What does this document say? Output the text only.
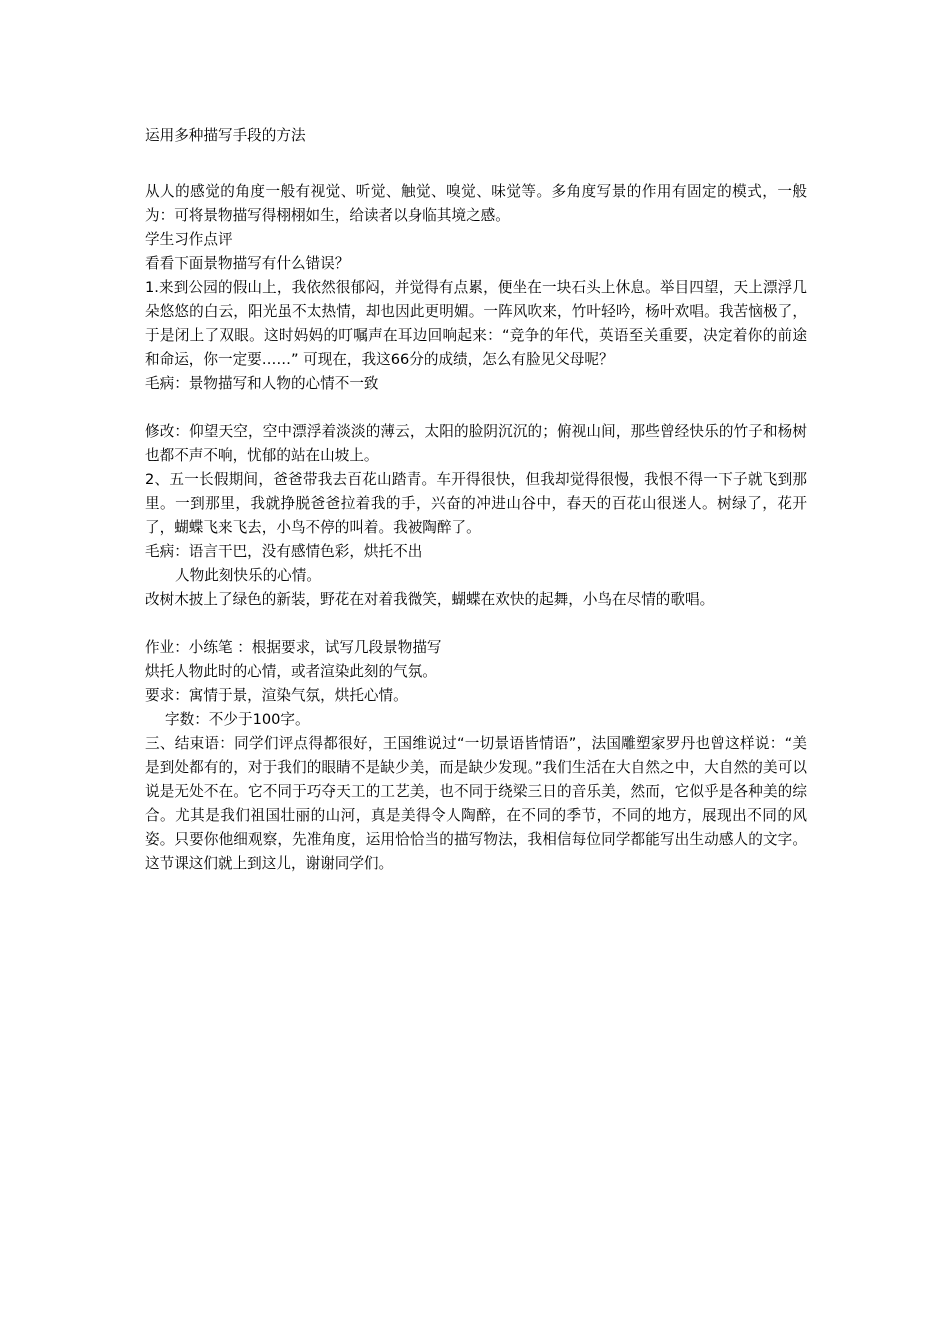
运用多种描写手段的方法

从人的感觉的角度一般有视觉、听觉、触觉、嗅觉、味觉等。多角度写景的作用有固定的模式，一般为：可将景物描写得栩栩如生，给读者以身临其境之感。

学生习作点评

看看下面景物描写有什么错误？

1.来到公园的假山上，我依然很郁闷，并觉得有点累，便坐在一块石头上休息。举目四望，天上漂浮几朵悠悠的白云，阳光虽不太热情，却也因此更明媚。一阵风吹来，竹叶轻吟，杨叶欢唱。我苦恼极了，于是闭上了双眼。这时妈妈的叮嘱声在耳边回响起来：“竞争的年代，英语至关重要，决定着你的前途和命运，你一定要……” 可现在，我这66分的成绩，怎么有脸见父母呢？

毛病：景物描写和人物的心情不一致

修改：仰望天空，空中漂浮着淡淡的薄云，太阳的脸阴沉沉的；俯视山间，那些曾经快乐的竹子和杨树也都不声不响，忧郁的站在山坡上。

2、五一长假期间，爸爸带我去百花山踏青。车开得很快，但我却觉得很慢，我恨不得一下子就飞到那里。一到那里，我就挣脱爸爸拉着我的手，兴奋的冲进山谷中，春天的百花山很迷人。树绿了，花开了，蝴蝶飞来飞去，小鸟不停的叫着。我被陶醉了。

毛病：语言干巴，没有感情色彩，烘托不出

人物此刻快乐的心情。

改树木披上了绿色的新装，野花在对着我微笑，蝴蝶在欢快的起舞，小鸟在尽情的歌唱。

作业：小练笔 ：根据要求，试写几段景物描写

烘托人物此时的心情，或者渲染此刻的气氛。

要求：寓情于景，渲染气氛，烘托心情。

字数：不少于100字。

三、结束语：同学们评点得都很好，王国维说过“一切景语皆情语”，法国雕塑家罗丹也曾这样说：“美是到处都有的，对于我们的眼睛不是缺少美，而是缺少发现。”我们生活在大自然之中，大自然的美可以说是无处不在。它不同于巧夺天工的工艺美，也不同于绕梁三日的音乐美，然而，它似乎是各种美的综合。尤其是我们祖国壮丽的山河，真是美得令人陶醉，在不同的季节，不同的地方，展现出不同的风姿。只要你他细观察，先准角度，运用恰恰当的描写物法，我相信每位同学都能写出生动感人的文字。这节课这们就上到这儿，谢谢同学们。
